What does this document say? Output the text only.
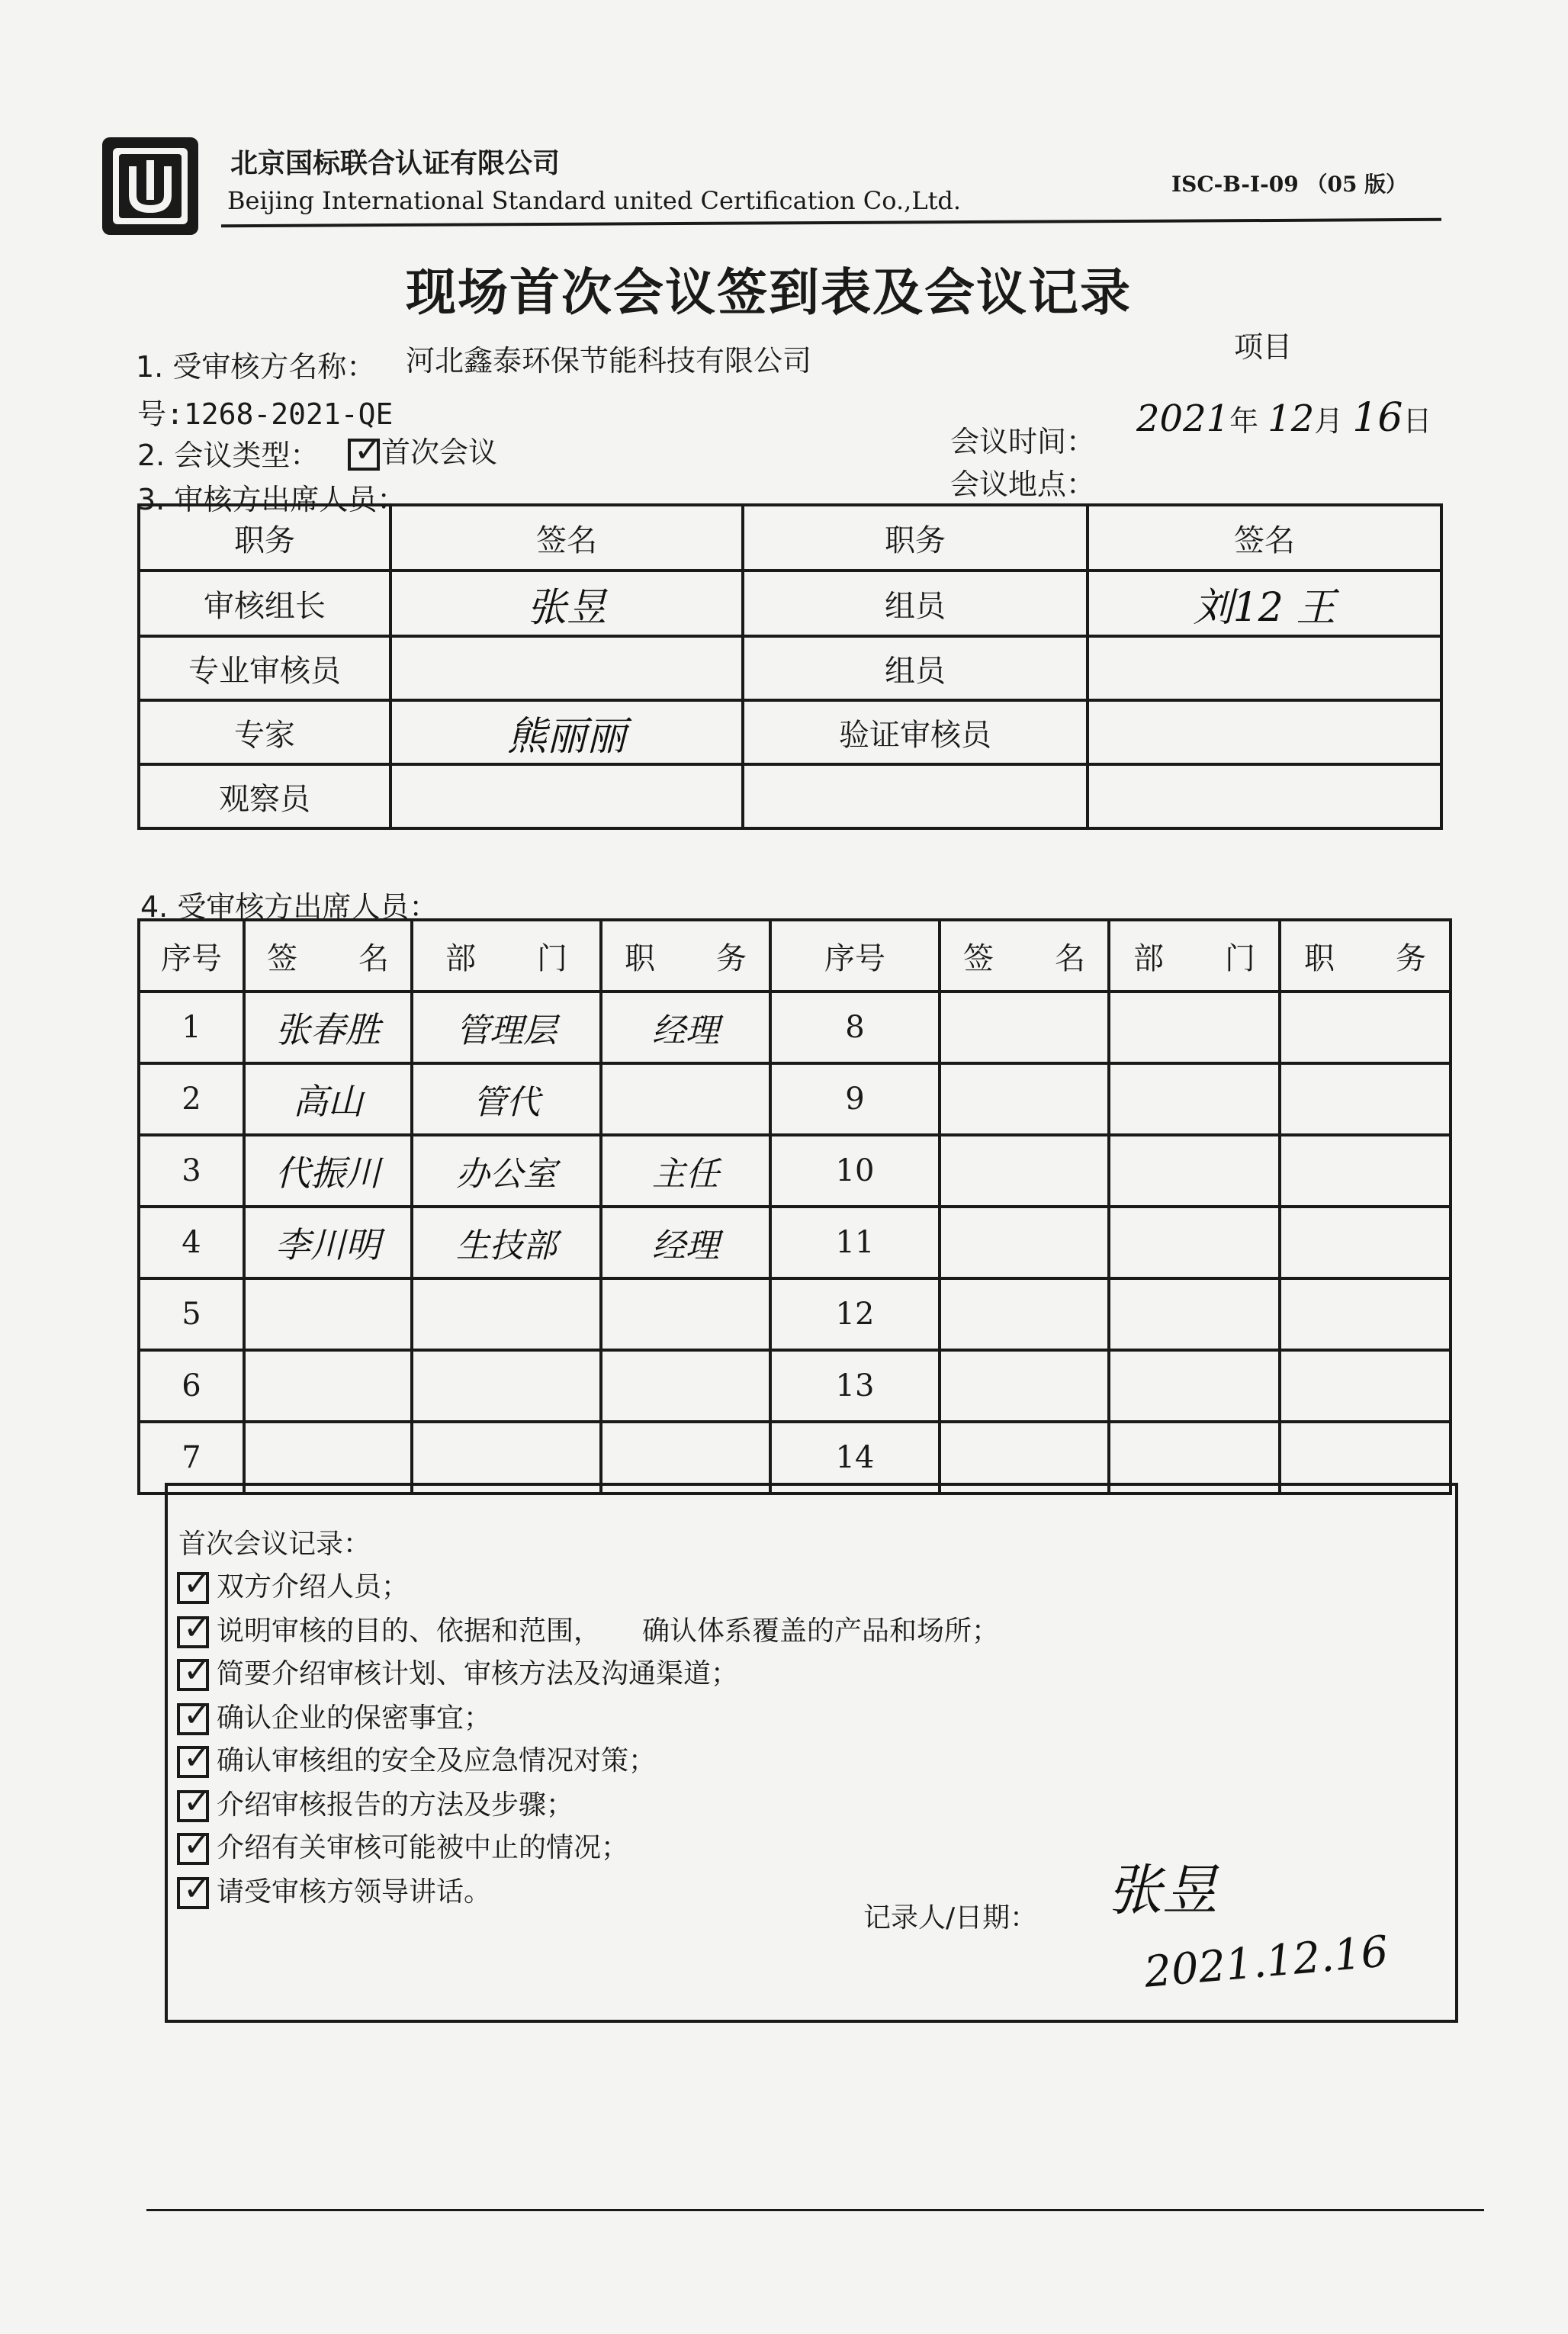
北京国标联合认证有限公司
Beijing International Standard united Certification Co.,Ltd.
ISC-B-I-09 （05 版）
现场首次会议签到表及会议记录
1. 受审核方名称： 河北鑫泰环保节能科技有限公司	项目
号:1268-2021-QE
2. 会议类型： ✓	首次会议	会议时间：
2021年 12月 16日
会议地点：
3. 审核方出席人员：
职务	签名	职务	签名
审核组长	张昱	组员	刘12 王
专业审核员		组员	
专家	熊丽丽	验证审核员	
观察员			
4. 受审核方出席人员：
序号	签　　名	部　　门	职　　务	序号	签　　名	部　　门	职　　务
1	张春胜	管理层	经理	8			
2	高山	管代		9			
3	代振川	办公室	主任	10			
4	李川明	生技部	经理	11			
5				12			
6				13			
7				14			
首次会议记录：
✓双方介绍人员；
✓说明审核的目的、依据和范围，　　确认体系覆盖的产品和场所；
✓简要介绍审核计划、审核方法及沟通渠道；
✓确认企业的保密事宜；
✓确认审核组的安全及应急情况对策；
✓介绍审核报告的方法及步骤；
✓介绍有关审核可能被中止的情况；
✓请受审核方领导讲话。
记录人/日期： 张昱
2021.12.16
